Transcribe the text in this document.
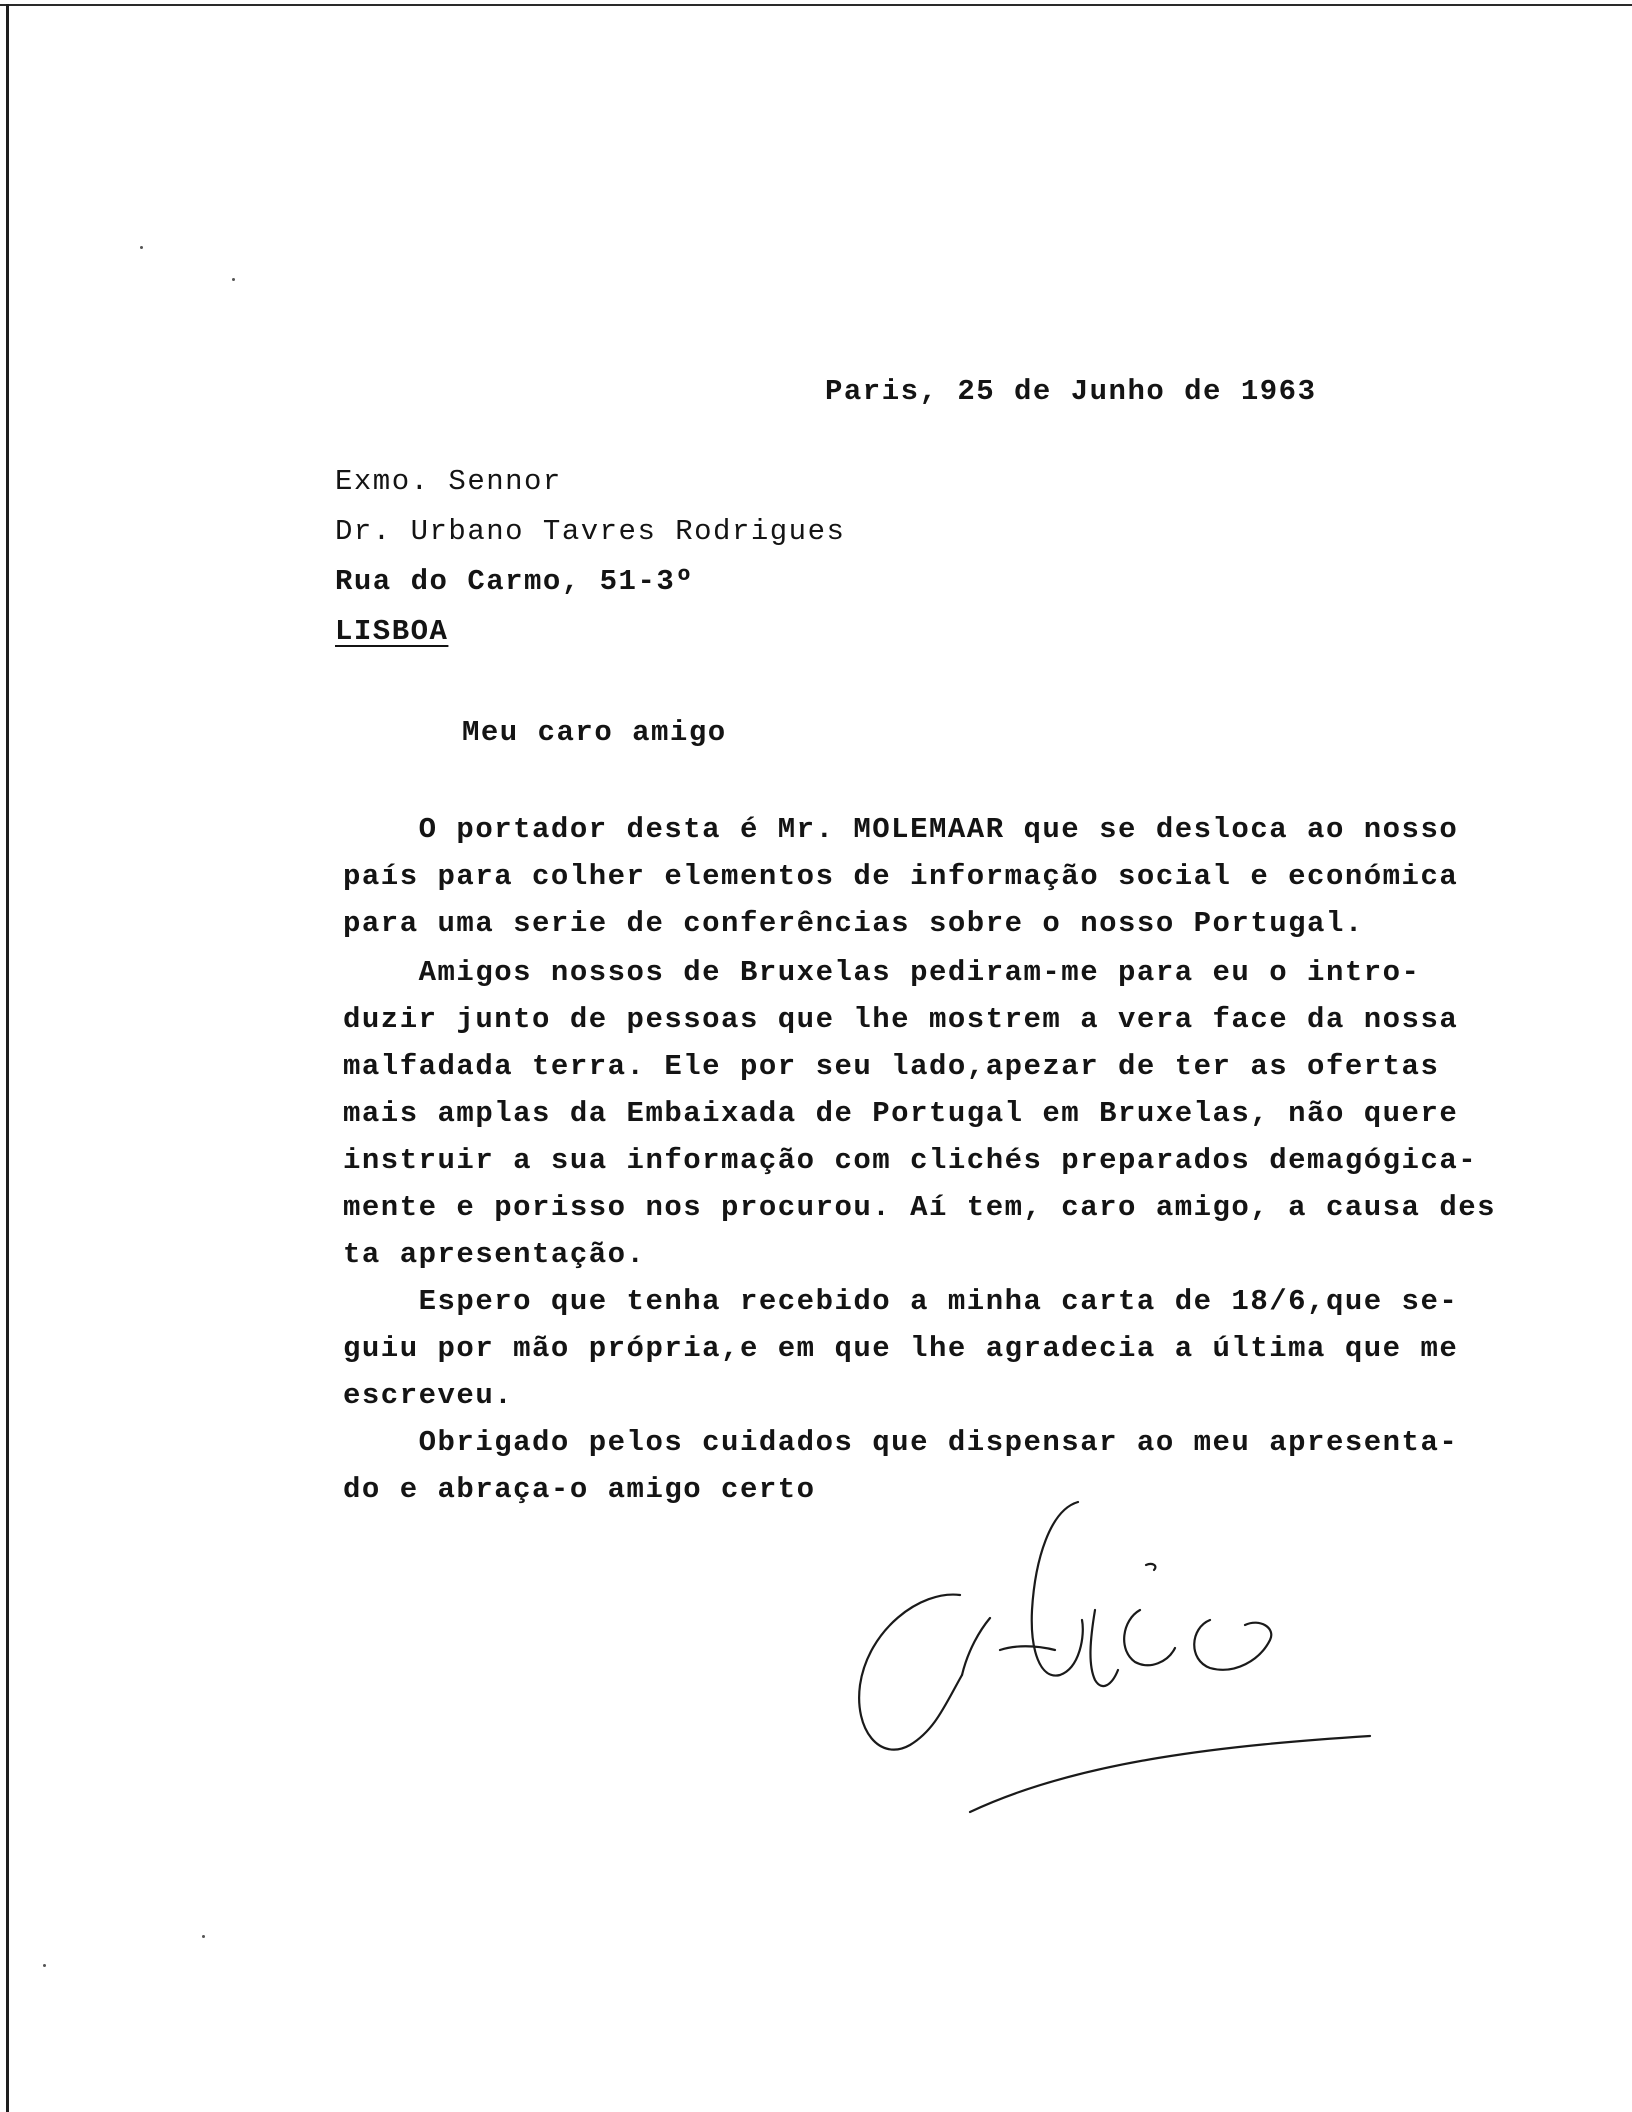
Paris, 25 de Junho de 1963
Exmo. Sennor
Dr. Urbano Tavres Rodrigues
Rua do Carmo, 51-3º
LISBOA
Meu caro amigo
O portador desta é Mr. MOLEMAAR que se desloca ao nosso
país para colher elementos de informação social e económica
para uma serie de conferências sobre o nosso Portugal.
Amigos nossos de Bruxelas pediram-me para eu o intro-
duzir junto de pessoas que lhe mostrem a vera face da nossa
malfadada terra. Ele por seu lado,apezar de ter as ofertas
mais amplas da Embaixada de Portugal em Bruxelas, não quere
instruir a sua informação com clichés preparados demagógica-
mente e porisso nos procurou. Aí tem, caro amigo, a causa des
ta apresentação.
Espero que tenha recebido a minha carta de 18/6,que se-
guiu por mão própria,e em que lhe agradecia a última que me
escreveu.
Obrigado pelos cuidados que dispensar ao meu apresenta-
do e abraça-o amigo certo
